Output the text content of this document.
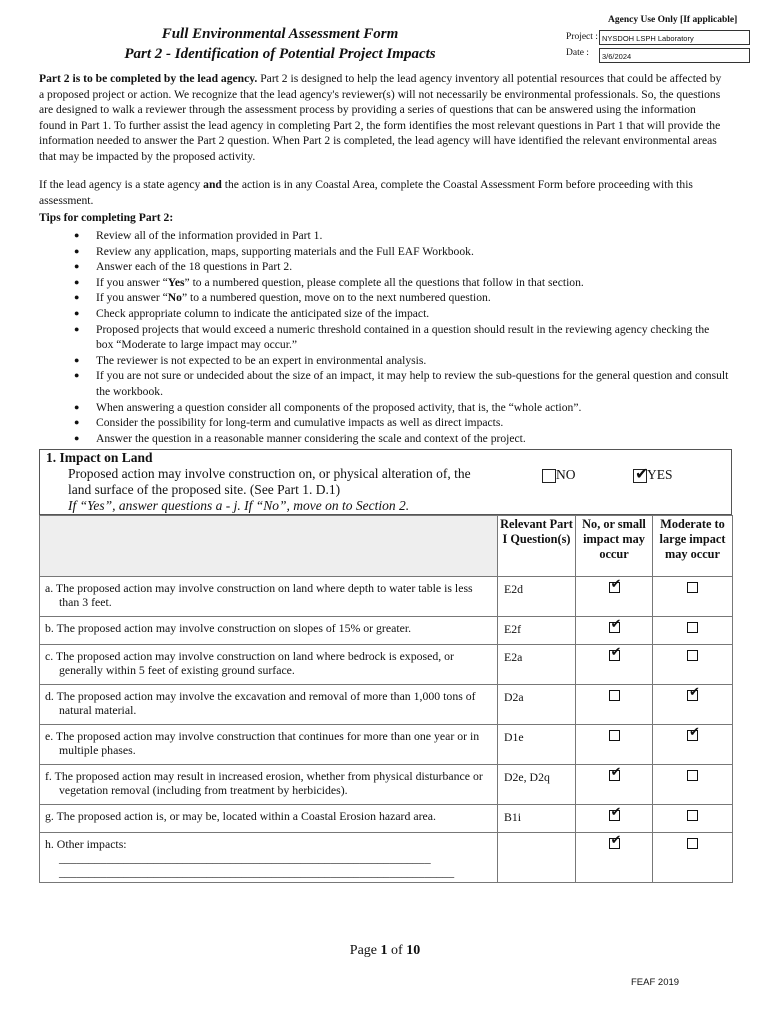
Full Environmental Assessment Form
Part 2 - Identification of Potential Project Impacts
Agency Use Only [If applicable]
Project : NYSDOH LSPH Laboratory
Date :	3/6/2024
Part 2 is to be completed by the lead agency. Part 2 is designed to help the lead agency inventory all potential resources that could be affected by a proposed project or action. We recognize that the lead agency's reviewer(s) will not necessarily be environmental professionals. So, the questions are designed to walk a reviewer through the assessment process by providing a series of questions that can be answered using the information found in Part 1. To further assist the lead agency in completing Part 2, the form identifies the most relevant questions in Part 1 that will provide the information needed to answer the Part 2 question. When Part 2 is completed, the lead agency will have identified the relevant environmental areas that may be impacted by the proposed activity.
If the lead agency is a state agency and the action is in any Coastal Area, complete the Coastal Assessment Form before proceeding with this assessment.
Tips for completing Part 2:
● Review all of the information provided in Part 1.
● Review any application, maps, supporting materials and the Full EAF Workbook.
● Answer each of the 18 questions in Part 2.
● If you answer “Yes” to a numbered question, please complete all the questions that follow in that section.
● If you answer “No” to a numbered question, move on to the next numbered question.
● Check appropriate column to indicate the anticipated size of the impact.
● Proposed projects that would exceed a numeric threshold contained in a question should result in the reviewing agency checking the box “Moderate to large impact may occur.”
● The reviewer is not expected to be an expert in environmental analysis.
● If you are not sure or undecided about the size of an impact, it may help to review the sub-questions for the general question and consult the workbook.
● When answering a question consider all components of the proposed activity, that is, the “whole action”.
● Consider the possibility for long-term and cumulative impacts as well as direct impacts.
● Answer the question in a reasonable manner considering the scale and context of the project.
1. Impact on Land
Proposed action may involve construction on, or physical alteration of, the land surface of the proposed site. (See Part 1. D.1)
If “Yes”, answer questions a - j. If “No”, move on to Section 2.
NO	✔
YES
	Relevant Part I Question(s)	No, or small impact may occur	Moderate to large impact may occur

a. The proposed action may involve construction on land where depth to water table is less than 3 feet.	E2d	✔	

b. The proposed action may involve construction on slopes of 15% or greater.	E2f	✔	

c. The proposed action may involve construction on land where bedrock is exposed, or generally within 5 feet of existing ground surface.	E2a	✔	

d. The proposed action may involve the excavation and removal of more than 1,000 tons of natural material.	D2a		✔

e. The proposed action may involve construction that continues for more than one year or in multiple phases.	D1e		✔

f. The proposed action may result in increased erosion, whether from physical disturbance or vegetation removal (including from treatment by herbicides).	D2e, D2q	✔	

g. The proposed action is, or may be, located within a Coastal Erosion hazard area.	B1i	✔	

h. Other impacts: _______________________________________________________________ ___________________________________________________________________		✔	

Page 1 of 10
FEAF 2019
